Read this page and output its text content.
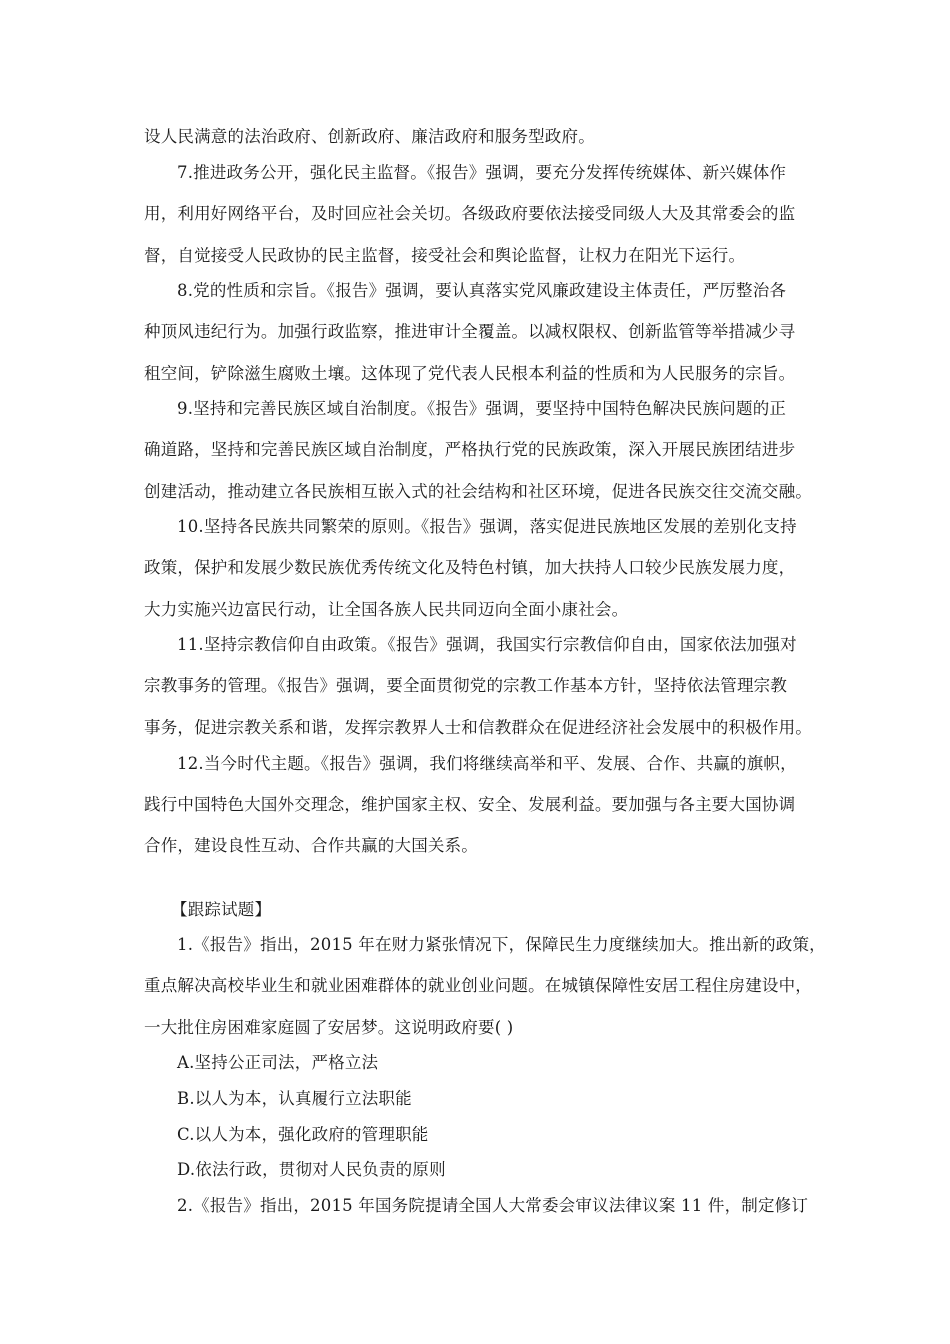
设人民满意的法治政府、创新政府、廉洁政府和服务型政府。
7.推进政务公开，强化民主监督。《报告》强调，要充分发挥传统媒体、新兴媒体作
用，利用好网络平台，及时回应社会关切。各级政府要依法接受同级人大及其常委会的监
督，自觉接受人民政协的民主监督，接受社会和舆论监督，让权力在阳光下运行。
8.党的性质和宗旨。《报告》强调，要认真落实党风廉政建设主体责任，严厉整治各
种顶风违纪行为。加强行政监察，推进审计全覆盖。以减权限权、创新监管等举措减少寻
租空间，铲除滋生腐败土壤。这体现了党代表人民根本利益的性质和为人民服务的宗旨。
9.坚持和完善民族区域自治制度。《报告》强调，要坚持中国特色解决民族问题的正
确道路，坚持和完善民族区域自治制度，严格执行党的民族政策，深入开展民族团结进步
创建活动，推动建立各民族相互嵌入式的社会结构和社区环境，促进各民族交往交流交融。
10.坚持各民族共同繁荣的原则。《报告》强调，落实促进民族地区发展的差别化支持
政策，保护和发展少数民族优秀传统文化及特色村镇，加大扶持人口较少民族发展力度，
大力实施兴边富民行动，让全国各族人民共同迈向全面小康社会。
11.坚持宗教信仰自由政策。《报告》强调，我国实行宗教信仰自由，国家依法加强对
宗教事务的管理。《报告》强调，要全面贯彻党的宗教工作基本方针，坚持依法管理宗教
事务，促进宗教关系和谐，发挥宗教界人士和信教群众在促进经济社会发展中的积极作用。
12.当今时代主题。《报告》强调，我们将继续高举和平、发展、合作、共赢的旗帜，
践行中国特色大国外交理念，维护国家主权、安全、发展利益。要加强与各主要大国协调
合作，建设良性互动、合作共赢的大国关系。
【跟踪试题】
1.《报告》指出，2015 年在财力紧张情况下，保障民生力度继续加大。推出新的政策，
重点解决高校毕业生和就业困难群体的就业创业问题。在城镇保障性安居工程住房建设中，
一大批住房困难家庭圆了安居梦。这说明政府要( )
A.坚持公正司法，严格立法
B.以人为本，认真履行立法职能
C.以人为本，强化政府的管理职能
D.依法行政，贯彻对人民负责的原则
2.《报告》指出，2015 年国务院提请全国人大常委会审议法律议案 11 件，制定修订
